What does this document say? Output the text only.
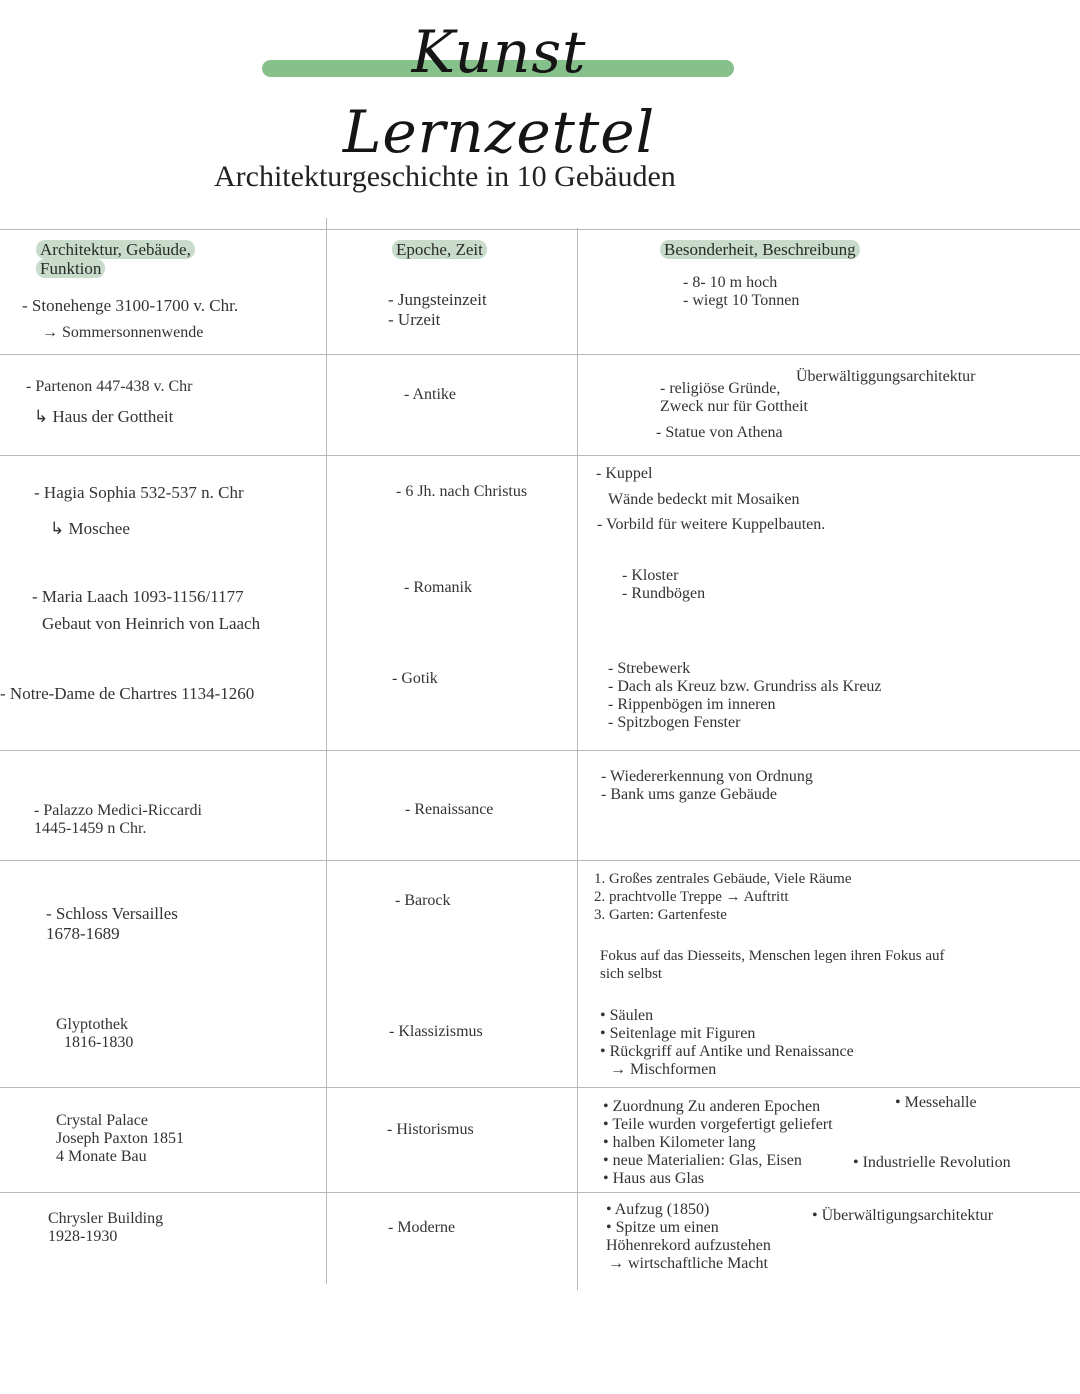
Kunst Lernzettel
Architekturgeschichte in 10 Gebäuden
Architektur, Gebäude,
Funktion
Epoche, Zeit	Besonderheit, Beschreibung
- Stonehenge 3100-1700 v. Chr.
→ Sommersonnenwende
- Jungsteinzeit
- Urzeit
- 8- 10 m hoch
- wiegt 10 Tonnen
- Partenon 447-438 v. Chr
↳ Haus der Gottheit
- Antike
Überwältiggungsarchitektur
- religiöse Gründe,
Zweck nur für Gottheit
- Statue von Athena
- Hagia Sophia 532-537 n. Chr
↳ Moschee
- 6 Jh. nach Christus
- Kuppel
Wände bedeckt mit Mosaiken
- Vorbild für weitere Kuppelbauten.
- Maria Laach 1093-1156/1177
Gebaut von Heinrich von Laach
- Romanik
- Kloster
- Rundbögen
- Notre-Dame de Chartres 1134-1260
- Gotik
- Strebewerk
- Dach als Kreuz bzw. Grundriss als Kreuz
- Rippenbögen im inneren
- Spitzbogen Fenster
- Palazzo Medici-Riccardi
1445-1459 n Chr.
- Renaissance
- Wiedererkennung von Ordnung
- Bank ums ganze Gebäude
- Schloss Versailles
1678-1689
- Barock
1. Großes zentrales Gebäude, Viele Räume
2. prachtvolle Treppe → Auftritt
3. Garten: Gartenfeste
Fokus auf das Diesseits, Menschen legen ihren Fokus auf
sich selbst
Glyptothek
1816-1830
- Klassizismus
• Säulen
• Seitenlage mit Figuren
• Rückgriff auf Antike und Renaissance
→ Mischformen
Crystal Palace
Joseph Paxton 1851
4 Monate Bau
- Historismus
• Zuordnung Zu anderen Epochen
• Teile wurden vorgefertigt geliefert
• halben Kilometer lang
• neue Materialien: Glas, Eisen
• Haus aus Glas
• Messehalle
• Industrielle Revolution
Chrysler Building
1928-1930
- Moderne
• Aufzug (1850)
• Spitze um einen
Höhenrekord aufzustehen
→ wirtschaftliche Macht
• Überwältigungsarchitektur
